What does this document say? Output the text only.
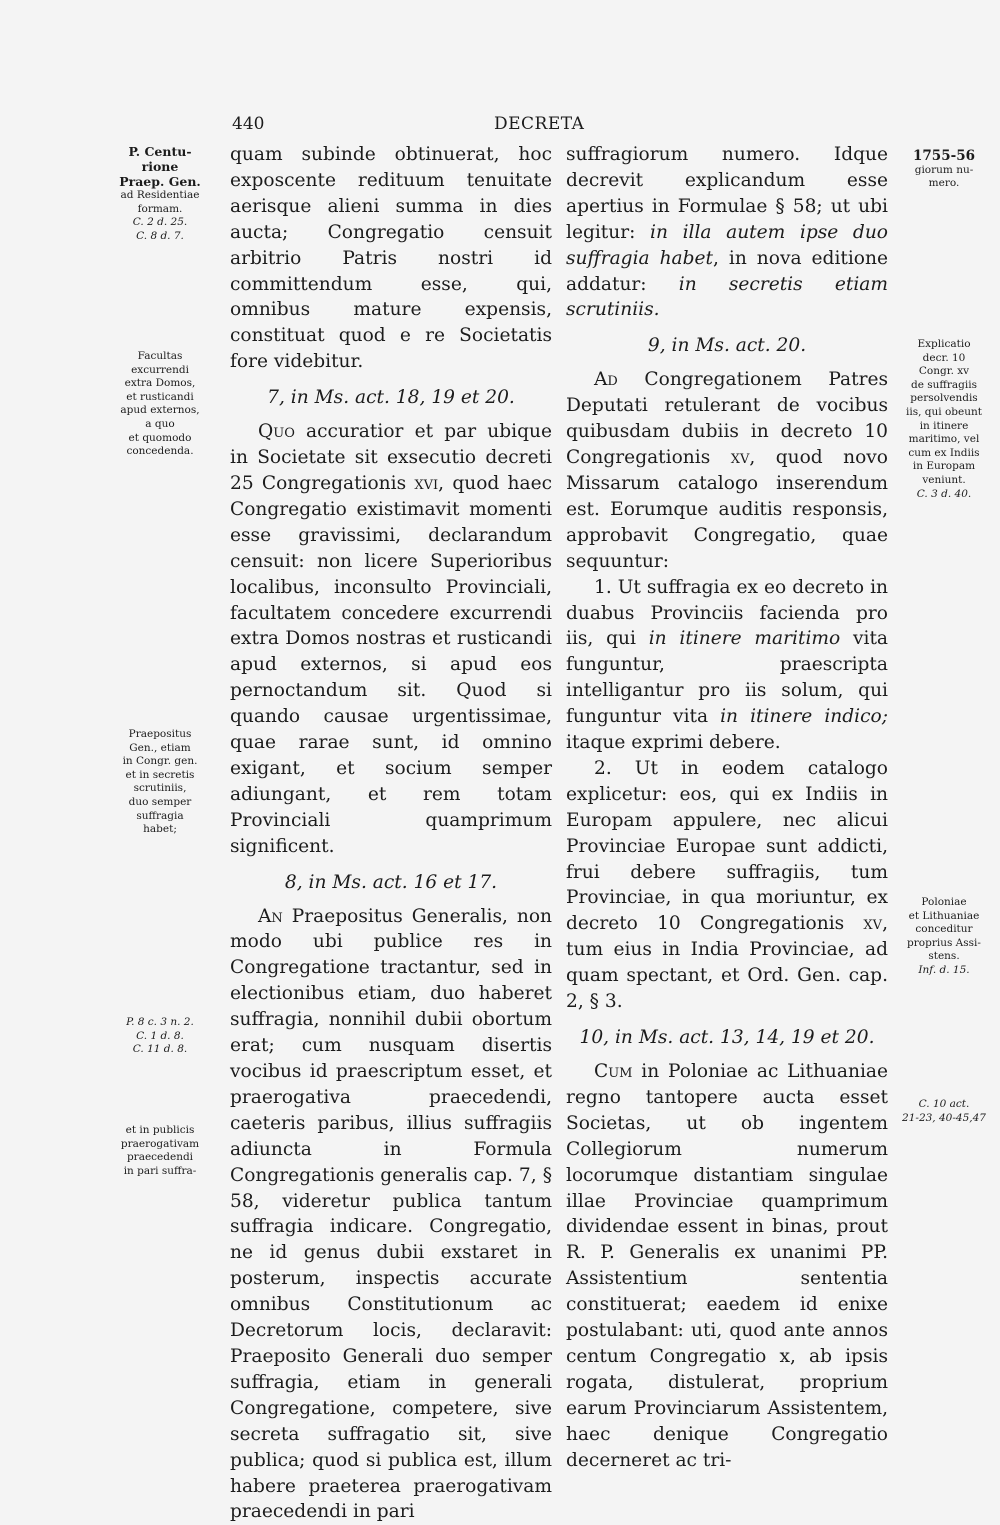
440	DECRETA

quam subinde obtinuerat, hoc exposcente redituum tenuitate aerisque alieni summa in dies aucta; Congregatio censuit arbitrio Patris nostri id committendum esse, qui, omnibus mature expensis, constituat quod e re Societatis fore videbitur.

7, in Ms. act. 18, 19 et 20.

Quo accuratior et par ubique in Societate sit exsecutio decreti 25 Congregationis xvi, quod haec Congregatio existimavit momenti esse gravissimi, declarandum censuit: non licere Superioribus localibus, inconsulto Provinciali, facultatem concedere excurrendi extra Domos nostras et rusticandi apud externos, si apud eos pernoctandum sit. Quod si quando causae urgentissimae, quae rarae sunt, id omnino exigant, et socium semper adiungant, et rem totam Provinciali quamprimum significent.

8, in Ms. act. 16 et 17.

An Praepositus Generalis, non modo ubi publice res in Congregatione tractantur, sed in electionibus etiam, duo haberet suffragia, nonnihil dubii obortum erat; cum nusquam disertis vocibus id praescriptum esset, et praerogativa praecedendi, caeteris paribus, illius suffragiis adiuncta in Formula Congregationis generalis cap. 7, § 58, videretur publica tantum suffragia indicare. Congregatio, ne id genus dubii exstaret in posterum, inspectis accurate omnibus Constitutionum ac Decretorum locis, declaravit: Praeposito Generali duo semper suffragia, etiam in generali Congregatione, competere, sive secreta suffragatio sit, sive publica; quod si publica est, illum habere praeterea praerogativam praecedendi in pari

suffragiorum numero. Idque decrevit explicandum esse apertius in Formulae § 58; ut ubi legitur: in illa autem ipse duo suffragia habet, in nova editione addatur: in secretis etiam scrutiniis.

9, in Ms. act. 20.

Ad Congregationem Patres Deputati retulerant de vocibus quibusdam dubiis in decreto 10 Congregationis xv, quod novo Missarum catalogo inserendum est. Eorumque auditis responsis, approbavit Congregatio, quae sequuntur:

1. Ut suffragia ex eo decreto in duabus Provinciis facienda pro iis, qui in itinere maritimo vita funguntur, praescripta intelligantur pro iis solum, qui funguntur vita in itinere indico; itaque exprimi debere.

2. Ut in eodem catalogo explicetur: eos, qui ex Indiis in Europam appulere, nec alicui Provinciae Europae sunt addicti, frui debere suffragiis, tum Provinciae, in qua moriuntur, ex decreto 10 Congregationis xv, tum eius in India Provinciae, ad quam spectant, et Ord. Gen. cap. 2, § 3.

10, in Ms. act. 13, 14, 19 et 20.

Cum in Poloniae ac Lithuaniae regno tantopere aucta esset Societas, ut ob ingentem Collegiorum numerum locorumque distantiam singulae illae Provinciae quamprimum dividendae essent in binas, prout R. P. Generalis ex unanimi PP. Assistentium sententia constituerat; eaedem id enixe postulabant: uti, quod ante annos centum Congregatio x, ab ipsis rogata, distulerat, proprium earum Provinciarum Assistentem, haec denique Congregatio decerneret ac tri-

P. Centu-
rione
Praep. Gen.
ad Residentiae
formam.
C. 2 d. 25.
C. 8 d. 7.
Facultas
excurrendi
extra Domos,
et rusticandi
apud externos,
a quo
et quomodo
concedenda.
Praepositus
Gen., etiam
in Congr. gen.
et in secretis
scrutiniis,
duo semper
suffragia
habet;
P. 8 c. 3 n. 2.
C. 1 d. 8.
C. 11 d. 8.
et in publicis
praerogativam
praecedendi
in pari suffra-
1755-56
giorum nu-
mero.
Explicatio
decr. 10
Congr. xv
de suffragiis
persolvendis
iis, qui obeunt
in itinere
maritimo, vel
cum ex Indiis
in Europam
veniunt.
C. 3 d. 40.
Poloniae
et Lithuaniae
conceditur
proprius Assi-
stens.
Inf. d. 15.
C. 10 act.
21-23, 40-45,47
